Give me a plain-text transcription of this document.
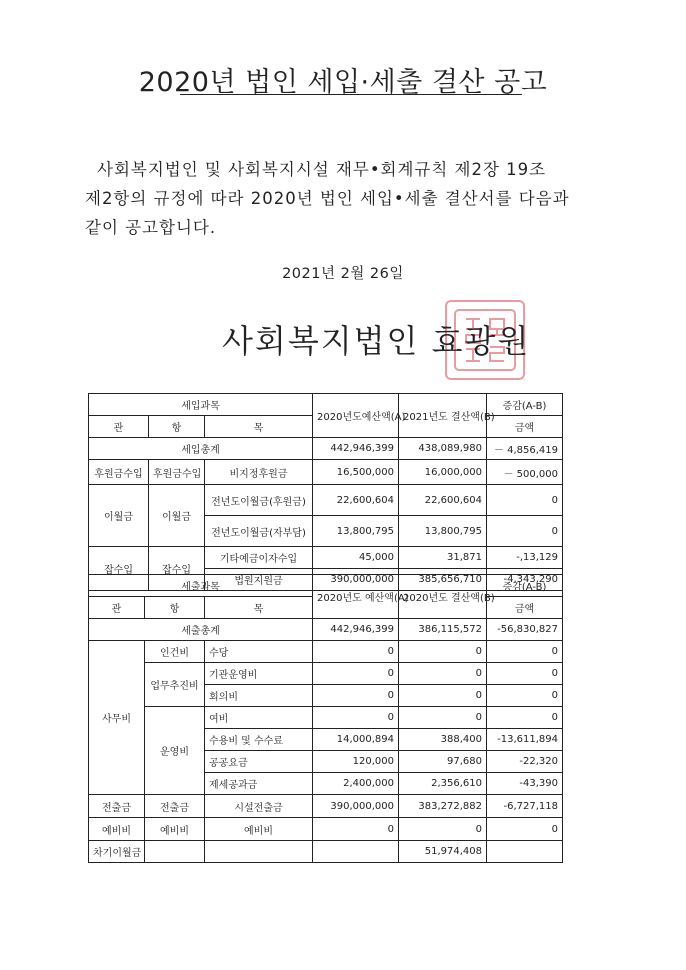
2020년 법인 세입·세출 결산 공고
사회복지법인 및 사회복지시설 재무•회계규칙 제2장 19조
제2항의 규정에 따라 2020년 법인 세입•세출 결산서를 다음과
같이 공고합니다.
2021년 2월 26일
사회복지법인 효광원
세입과목			2020년도예산액(A)	2021년도 결산액(B)	증감(A-B)
관	항	목			금액
세입총계			442,946,399	438,089,980	－ 4,856,419
후원금수입	후원금수입	비지정후원금	16,500,000	16,000,000	－ 500,000
이월금	이월금	전년도이월금(후원금)	22,600,604	22,600,604	0
		전년도이월금(자부담)	13,800,795	13,800,795	0
잡수입	잡수입	기타예금이자수입	45,000	31,871	-,13,129
		법원지원금	390,000,000	385,656,710	-4,343,290
세출과목			2020년도 예산액(A)	2020년도 결산액(B)	증감(A-B)
관	항	목			금액
세출총계			442,946,399	386,115,572	-56,830,827
사무비	인건비	수당	0	0	0
	업무추진비	기관운영비	0	0	0
		회의비	0	0	0
	운영비	여비	0	0	0
		수용비 및 수수료	14,000,894	388,400	-13,611,894
		공공요금	120,000	97,680	-22,320
		제세공과금	2,400,000	2,356,610	-43,390
전출금	전출금	시설전출금	390,000,000	383,272,882	-6,727,118
예비비	예비비	예비비	0	0	0
차기이월금				51,974,408	
